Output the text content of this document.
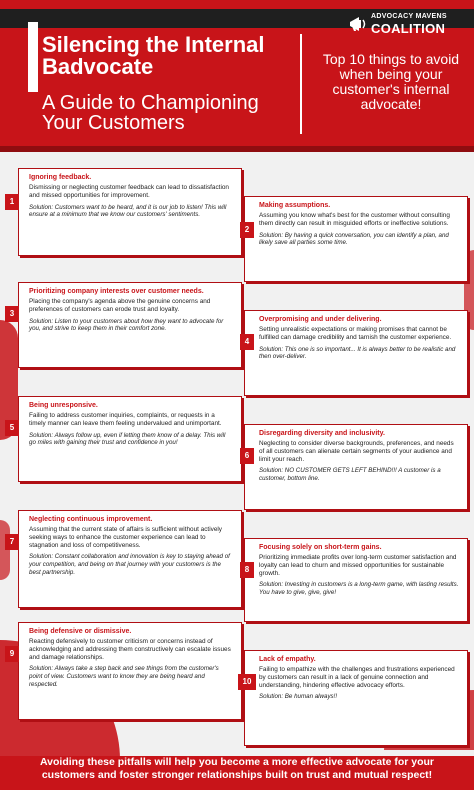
ADVOCACY MAVENS
COALITION
Silencing the Internal Badvocate
A Guide to Championing Your Customers
Top 10 things to avoid when being your customer's internal advocate!
Ignoring feedback.
Dismissing or neglecting customer feedback can lead to dissatisfaction and missed opportunities for improvement.
Solution: Customers want to be heard, and it is our job to listen! This will ensure at a minimum that we know our customers' sentiments.
1	Making assumptions.
Assuming you know what's best for the customer without consulting them directly can result in misguided efforts or ineffective solutions.
Solution: By having a quick conversation, you can identify a plan, and likely save all parties some time.
2
Prioritizing company interests over customer needs.
Placing the company's agenda above the genuine concerns and preferences of customers can erode trust and loyalty.
Solution: Listen to your customers about how they want to advocate for you, and strive to keep them in their comfort zone.
3
Overpromising and under delivering.
Setting unrealistic expectations or making promises that cannot be fulfilled can damage credibility and tarnish the customer experience.
Solution: This one is so important... It is always better to be realistic and then over-deliver.
4
Being unresponsive.
Failing to address customer inquiries, complaints, or requests in a timely manner can leave them feeling undervalued and unimportant.
Solution: Always follow up, even if letting them know of a delay. This will go miles with gaining their trust and confidence in you!
5
Disregarding diversity and inclusivity.
Neglecting to consider diverse backgrounds, preferences, and needs of all customers can alienate certain segments of your audience and limit your reach.
Solution: NO CUSTOMER GETS LEFT BEHIND!!! A customer is a customer, bottom line.
6
Neglecting continuous improvement.
Assuming that the current state of affairs is sufficient without actively seeking ways to enhance the customer experience can lead to stagnation and loss of competitiveness.
Solution: Constant collaboration and innovation is key to staying ahead of your competition, and being on that journey with your customers is the best partnership.
7
Focusing solely on short-term gains.
Prioritizing immediate profits over long-term customer satisfaction and loyalty can lead to churn and missed opportunities for sustainable growth.
Solution: Investing in customers is a long-term game, with lasting results. You have to give, give, give!
8
Being defensive or dismissive.
Reacting defensively to customer criticism or concerns instead of acknowledging and addressing them constructively can escalate issues and damage relationships.
Solution: Always take a step back and see things from the customer's point of view. Customers want to know they are being heard and respected.
9
Lack of empathy.
Failing to empathize with the challenges and frustrations experienced by customers can result in a lack of genuine connection and understanding, hindering effective advocacy efforts.
Solution: Be human always!!
10
Avoiding these pitfalls will help you become a more effective advocate for your customers and foster stronger relationships built on trust and mutual respect!
